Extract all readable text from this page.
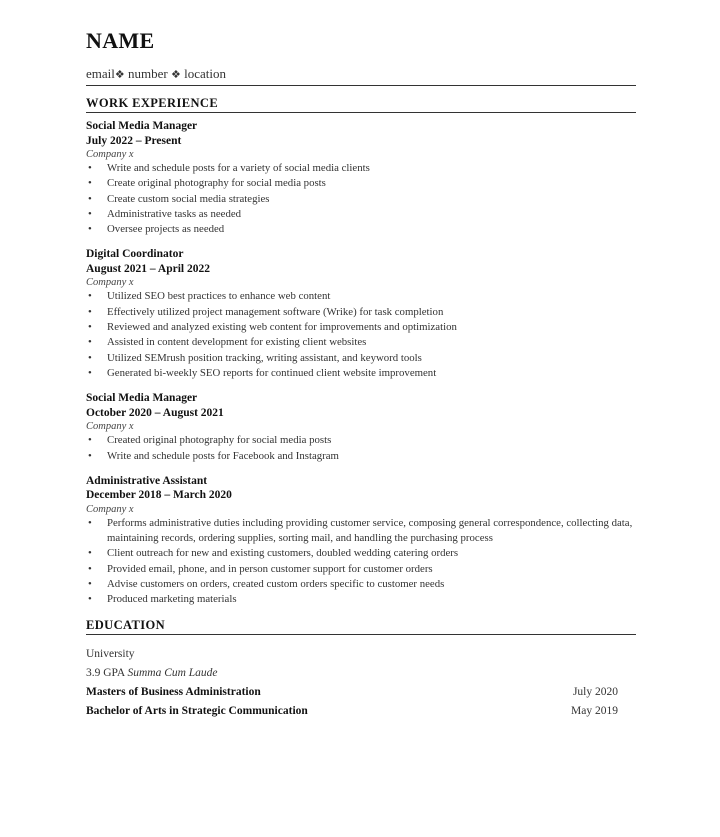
NAME
email❖ number ❖ location
WORK EXPERIENCE
Social Media Manager
July 2022 – Present
Company x
• Write and schedule posts for a variety of social media clients
• Create original photography for social media posts
• Create custom social media strategies
• Administrative tasks as needed
• Oversee projects as needed
Digital Coordinator
August 2021 – April 2022
Company x
• Utilized SEO best practices to enhance web content
• Effectively utilized project management software (Wrike) for task completion
• Reviewed and analyzed existing web content for improvements and optimization
• Assisted in content development for existing client websites
• Utilized SEMrush position tracking, writing assistant, and keyword tools
• Generated bi-weekly SEO reports for continued client website improvement
Social Media Manager
October 2020 – August 2021
Company x
• Created original photography for social media posts
• Write and schedule posts for Facebook and Instagram
Administrative Assistant
December 2018 – March 2020
Company x
• Performs administrative duties including providing customer service, composing general correspondence, collecting data, maintaining records, ordering supplies, sorting mail, and handling the purchasing process
• Client outreach for new and existing customers, doubled wedding catering orders
• Provided email, phone, and in person customer support for customer orders
• Advise customers on orders, created custom orders specific to customer needs
• Produced marketing materials
EDUCATION
University
3.9 GPA Summa Cum Laude
Masters of Business Administration	July 2020
Bachelor of Arts in Strategic Communication	May 2019
